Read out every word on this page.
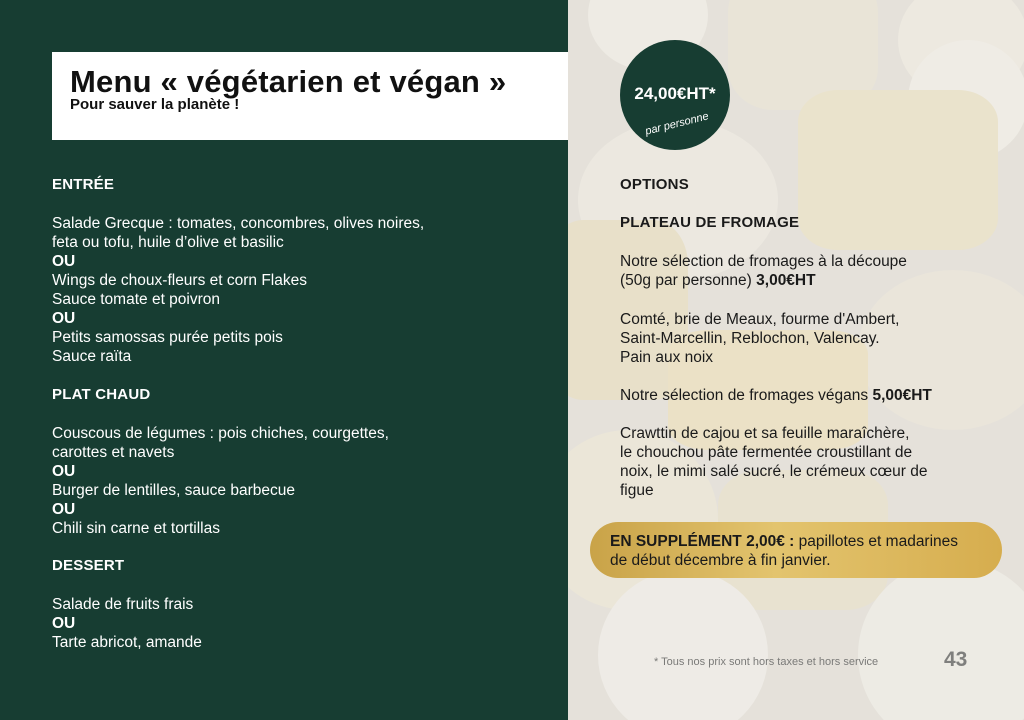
Menu « végétarien et végan »

Pour sauver la planète !

ENTRÉE
Salade Grecque : tomates, concombres, olives noires,
feta ou tofu, huile d’olive et basilic
OU
Wings de choux-fleurs et corn Flakes
Sauce tomate et poivron
OU
Petits samossas purée petits pois
Sauce raïta
PLAT CHAUD
Couscous de légumes : pois chiches, courgettes,
carottes et navets
OU
Burger de lentilles, sauce barbecue
OU
Chili sin carne et tortillas
DESSERT
Salade de fruits frais
OU
Tarte abricot, amande
24,00€HT*
par personne
OPTIONS
PLATEAU DE FROMAGE
Notre sélection de fromages à la découpe
(50g par personne) 3,00€HT
Comté, brie de Meaux, fourme d'Ambert,
Saint-Marcellin, Reblochon, Valencay.
Pain aux noix
Notre sélection de fromages végans 5,00€HT
Crawttin de cajou et sa feuille maraîchère,
le chouchou pâte fermentée croustillant de
noix, le mimi salé sucré, le crémeux cœur de
figue
EN SUPPLÉMENT 2,00€ : papillotes et madarines
de début décembre à fin janvier.
* Tous nos prix sont hors taxes et hors service	43
